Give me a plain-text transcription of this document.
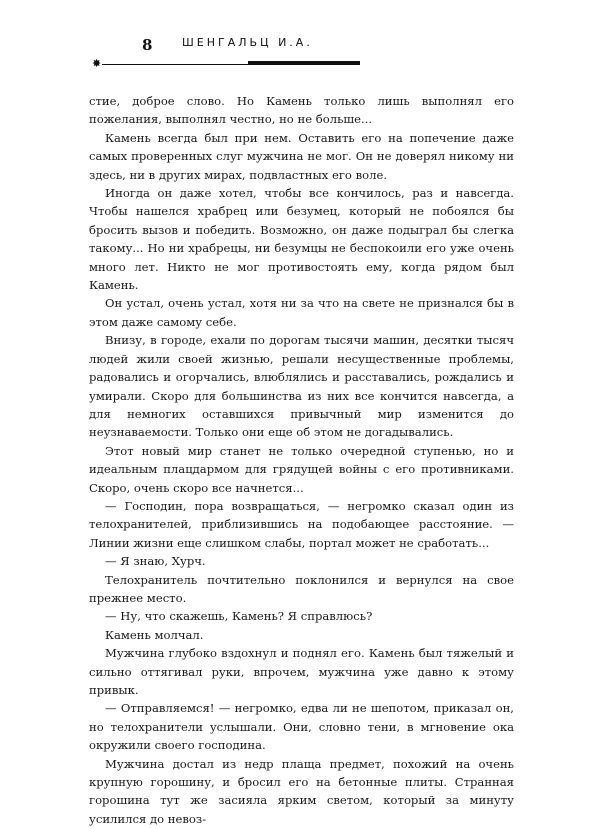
8	ШЕНГАЛЬЦ И.А.
✸

стие, доброе слово. Но Камень только лишь выполнял его пожелания, выполнял честно, но не больше...

Камень всегда был при нем. Оставить его на попечение даже самых проверенных слуг мужчина не мог. Он не доверял никому ни здесь, ни в других мирах, подвластных его воле.

Иногда он даже хотел, чтобы все кончилось, раз и навсегда. Чтобы нашелся храбрец или безумец, который не побоялся бы бросить вызов и победить. Возможно, он даже подыграл бы слегка такому... Но ни храбрецы, ни безумцы не беспокоили его уже очень много лет. Никто не мог противостоять ему, когда рядом был Камень.

Он устал, очень устал, хотя ни за что на свете не признался бы в этом даже самому себе.

Внизу, в городе, ехали по дорогам тысячи машин, десятки тысяч людей жили своей жизнью, решали несущественные проблемы, радовались и огорчались, влюблялись и расставались, рождались и умирали. Скоро для большинства из них все кончится навсегда, а для немногих оставшихся привычный мир изменится до неузнаваемости. Только они еще об этом не догадывались.

Этот новый мир станет не только очередной ступенью, но и идеальным плацдармом для грядущей войны с его противниками. Скоро, очень скоро все начнется...

— Господин, пора возвращаться, — негромко сказал один из телохранителей, приблизившись на подобающее расстояние. — Линии жизни еще слишком слабы, портал может не сработать...

— Я знаю, Хурч.

Телохранитель почтительно поклонился и вернулся на свое прежнее место.

— Ну, что скажешь, Камень? Я справлюсь?

Камень молчал.

Мужчина глубоко вздохнул и поднял его. Камень был тяжелый и сильно оттягивал руки, впрочем, мужчина уже давно к этому привык.

— Отправляемся! — негромко, едва ли не шепотом, приказал он, но телохранители услышали. Они, словно тени, в мгновение ока окружили своего господина.

Мужчина достал из недр плаща предмет, похожий на очень крупную горошину, и бросил его на бетонные плиты. Странная горошина тут же засияла ярким светом, который за минуту усилился до невоз-
